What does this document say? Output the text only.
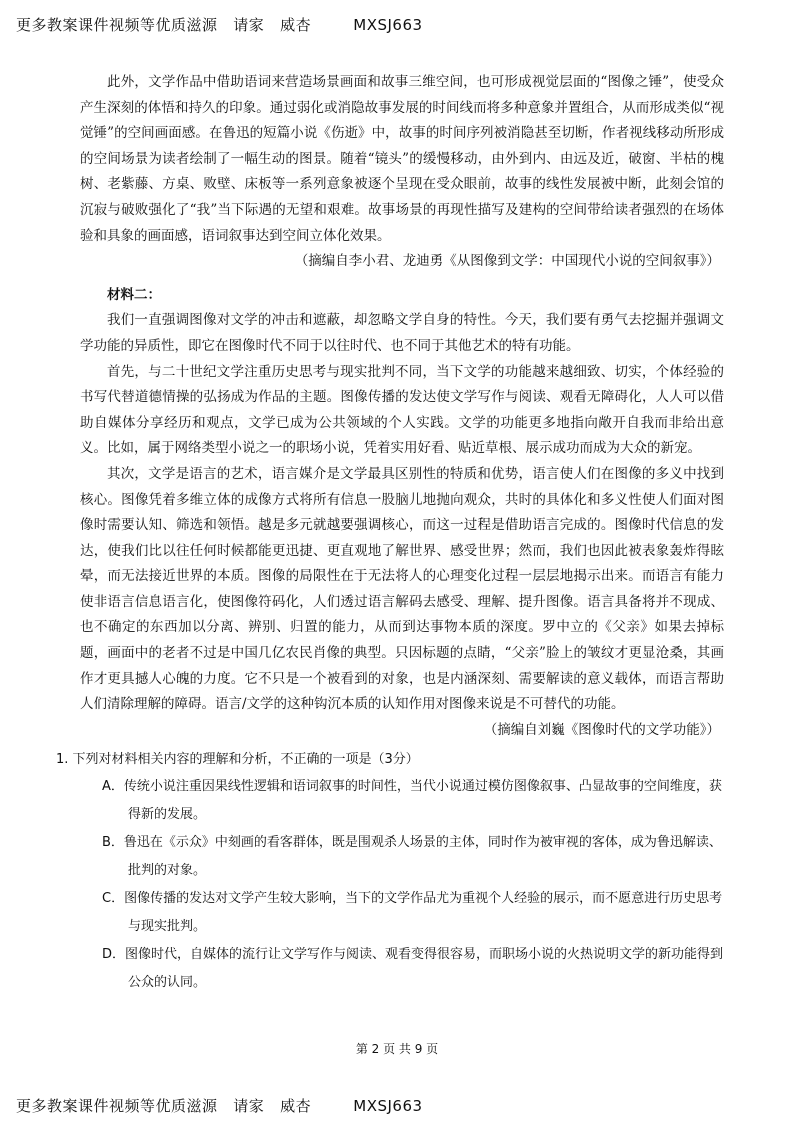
更多教案课件视频等优质滋源   请家   威杏        MXSJ663

此外，文学作品中借助语词来营造场景画面和故事三维空间，也可形成视觉层面的“图像之锤”，使受众产生深刻的体悟和持久的印象。通过弱化或消隐故事发展的时间线而将多种意象并置组合，从而形成类似“视觉锤”的空间画面感。在鲁迅的短篇小说《伤逝》中，故事的时间序列被消隐甚至切断，作者视线移动所形成的空间场景为读者绘制了一幅生动的图景。随着“镜头”的缓慢移动，由外到内、由远及近，破窗、半枯的槐树、老紫藤、方桌、败壁、床板等一系列意象被逐个呈现在受众眼前，故事的线性发展被中断，此刻会馆的沉寂与破败强化了“我”当下际遇的无望和艰难。故事场景的再现性描写及建构的空间带给读者强烈的在场体验和具象的画面感，语词叙事达到空间立体化效果。

（摘编自李小君、龙迪勇《从图像到文学：中国现代小说的空间叙事》）

材料二：

我们一直强调图像对文学的冲击和遮蔽，却忽略文学自身的特性。今天，我们要有勇气去挖掘并强调文学功能的异质性，即它在图像时代不同于以往时代、也不同于其他艺术的特有功能。

首先，与二十世纪文学注重历史思考与现实批判不同，当下文学的功能越来越细致、切实，个体经验的书写代替道德情操的弘扬成为作品的主题。图像传播的发达使文学写作与阅读、观看无障碍化，人人可以借助自媒体分享经历和观点，文学已成为公共领域的个人实践。文学的功能更多地指向敞开自我而非给出意义。比如，属于网络类型小说之一的职场小说，凭着实用好看、贴近草根、展示成功而成为大众的新宠。

其次，文学是语言的艺术，语言媒介是文学最具区别性的特质和优势，语言使人们在图像的多义中找到核心。图像凭着多维立体的成像方式将所有信息一股脑儿地抛向观众，共时的具体化和多义性使人们面对图像时需要认知、筛选和领悟。越是多元就越要强调核心，而这一过程是借助语言完成的。图像时代信息的发达，使我们比以往任何时候都能更迅捷、更直观地了解世界、感受世界；然而，我们也因此被表象轰炸得眩晕，而无法接近世界的本质。图像的局限性在于无法将人的心理变化过程一层层地揭示出来。而语言有能力使非语言信息语言化，使图像符码化，人们透过语言解码去感受、理解、提升图像。语言具备将并不现成、也不确定的东西加以分离、辨别、归置的能力，从而到达事物本质的深度。罗中立的《父亲》如果去掉标题，画面中的老者不过是中国几亿农民肖像的典型。只因标题的点睛，“父亲”脸上的皱纹才更显沧桑，其画作才更具撼人心魄的力度。它不只是一个被看到的对象，也是内涵深刻、需要解读的意义载体，而语言帮助人们清除理解的障碍。语言/文学的这种钩沉本质的认知作用对图像来说是不可替代的功能。

（摘编自刘巍《图像时代的文学功能》）

1. 下列对材料相关内容的理解和分析，不正确的一项是（3分）

A．传统小说注重因果线性逻辑和语词叙事的时间性，当代小说通过模仿图像叙事、凸显故事的空间维度，获得新的发展。

B．鲁迅在《示众》中刻画的看客群体，既是围观杀人场景的主体，同时作为被审视的客体，成为鲁迅解读、批判的对象。

C．图像传播的发达对文学产生较大影响，当下的文学作品尤为重视个人经验的展示，而不愿意进行历史思考与现实批判。

D．图像时代，自媒体的流行让文学写作与阅读、观看变得很容易，而职场小说的火热说明文学的新功能得到公众的认同。

第 2 页 共 9 页
更多教案课件视频等优质滋源   请家   威杏        MXSJ663
